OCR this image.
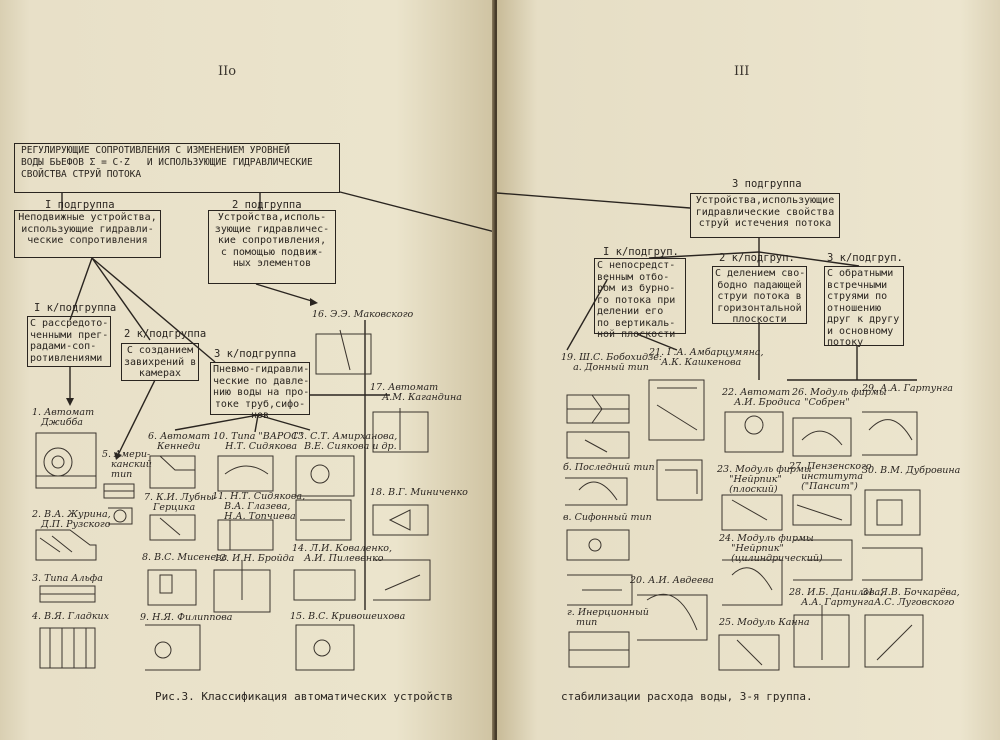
IIо
РЕГУЛИРУЮЩИЕ СОПРОТИВЛЕНИЯ С ИЗМЕНЕНИЕМ УРОВНЕЙ
ВОДЫ БЬЕФОВ Σ = C·Z   И ИСПОЛЬЗУЮЩИЕ ГИДРАВЛИЧЕСКИЕ
СВОЙСТВА СТРУЙ ПОТОКА
I подгруппа
Неподвижные устройства,
использующие гидравли-
ческие сопротивления
2 подгруппа
Устройства,исполь-
зующие гидравличес-
кие сопротивления,
с помощью подвиж-
ных элементов
I к/подгруппа
С рассредото-
ченными прег-
радами-соп-
ротивлениями
2 к/подгруппа
С созданием
завихрений в
камерах
3 к/подгруппа
Пневмо-гидравли-
ческие по давле-
нию воды на про-
токе труб,сифо-
нов
1. Автомат
Джибба
2. В.А. Журина,
Д.П. Рузского
3. Типа Альфа
4. В.Я. Гладких
5. Амери-
канский
тип
6. Автомат
Кеннеди
7. К.И. Лубны-
Герцика
8. В.С. Мисенева
9. Н.Я. Филиппова
10. Типа "ВАРОС"
Н.Т. Сидякова
11. Н.Т. Сидякова,
В.А. Глазева,
Н.А. Топчиева
12. И.Н. Бройда
13. С.Т. Амирханова,
В.Е. Сиякова и др.
14. Л.И. Коваленко,
А.И. Пилевенко
15. В.С. Кривошеихова
16. Э.Э. Маковского
17. Автомат
А.М. Кагандина
18. В.Г. Миниченко
Рис.3. Классификация автоматических устройств
III
3 подгруппа
Устройства,использующие
гидравлические свойства
струй истечения потока
I к/подгруп.
С непосредст-
венным отбо-
ром из бурно-
го потока при
делении его
по вертикаль-
ной плоскости
2 к/подгруп.
С делением сво-
бодно падающей
струи потока в
горизонтальной
плоскости
3 к/подгруп.
С обратными
встречными
струями по
отношению
друг к другу
и основному
потоку
19. Ш.С. Бобохидзе:
а. Донный тип
б. Последний тип
в. Сифонный тип
г. Инерционный
тип
20. А.И. Авдеева
21. Г.А. Амбарцумяна,
А.К. Кашкенова
22. Автомат
А.И. Бродиса
23. Модуль фирмы
"Нейрпик"
(плоский)
24. Модуль фирмы
"Нейрпик"
(цилиндрический)
25. Модуль Канна
26. Модуль фирмы
"Собрен"
27. Пензенского
института
("Пансит")
28. И.Б. Данилова,
А.А. Гартунга
29. А.А. Гартунга
30. В.М. Дубровина
31. Я.В. Бочкарёва,
А.С. Луговского
стабилизации расхода воды, 3-я группа.
